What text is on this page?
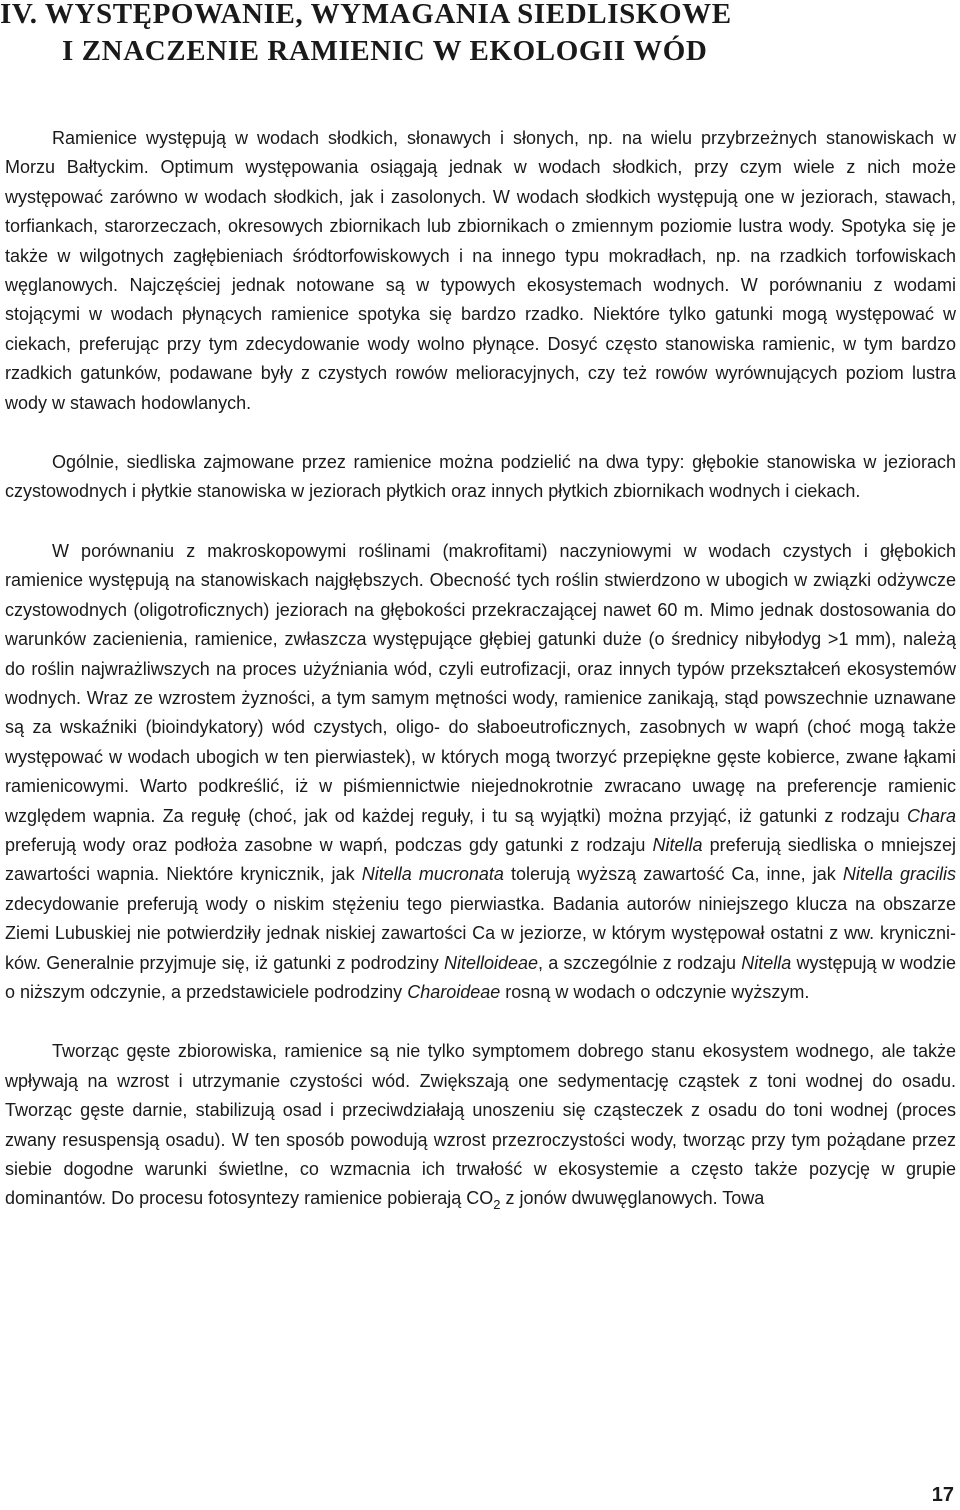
IV. WYSTĘPOWANIE, WYMAGANIA SIEDLISKOWE
I ZNACZENIE RAMIENIC W EKOLOGII WÓD

Ramienice występują w wodach słodkich, słonawych i słonych, np. na wielu przybrzeżnych stanowiskach w Morzu Bałtyckim. Optimum występowania osiągają jednak w wodach słodkich, przy czym wiele z nich może występować zarówno w wodach słodkich, jak i zasolonych. W wodach słodkich występują one w jeziorach, stawach, torfiankach, starorzeczach, okresowych zbiornikach lub zbiornikach o zmiennym poziomie lustra wody. Spotyka się je także w wilgotnych zagłębieniach śródtorfowiskowych i na innego typu mokradłach, np. na rzadkich torfowiskach węglanowych. Najczęściej jednak notowane są w typowych ekosystemach wodnych. W porównaniu z wodami stojącymi w wodach płynących ramienice spotyka się bardzo rzadko. Niektóre tylko gatunki mogą występować w ciekach, preferując przy tym zdecydowanie wody wolno płynące. Dosyć często stanowiska ramienic, w tym bardzo rzadkich gatunków, podawane były z czystych rowów melioracyjnych, czy też rowów wyrównujących poziom lustra wody w stawach hodowlanych.

Ogólnie, siedliska zajmowane przez ramienice można podzielić na dwa typy: głębokie stanowiska w jeziorach czystowodnych i płytkie stanowiska w jeziorach płytkich oraz innych płytkich zbiornikach wodnych i ciekach.

W porównaniu z makroskopowymi roślinami (makrofitami) naczyniowymi w wodach czystych i głębokich ramienice występują na stanowiskach najgłębszych. Obecność tych roślin stwierdzono w ubogich w związki odżywcze czystowodnych (oligotroficznych) jeziorach na głębokości przekraczającej nawet 60 m. Mimo jednak dostosowania do warunków zacienienia, ramienice, zwłaszcza występujące głębiej gatunki duże (o średnicy nibyłodyg >1 mm), należą do roślin najwrażliwszych na proces użyźniania wód, czyli eutrofizacji, oraz innych typów przekształceń ekosystemów wodnych. Wraz ze wzrostem żyzności, a tym samym mętności wody, ramienice zanikają, stąd powszechnie uznawane są za wskaźniki (bioindykatory) wód czystych, oligo- do słaboeutroficznych, zasobnych w wapń (choć mogą także występować w wodach ubogich w ten pierwiastek), w których mogą tworzyć przepiękne gęste kobierce, zwane łąkami ramienicowymi. Warto podkreślić, iż w piśmiennictwie niejednokrotnie zwracano uwagę na preferencje ramienic względem wapnia. Za regułę (choć, jak od każdej reguły, i tu są wyjątki) można przyjąć, iż gatunki z rodzaju Chara preferują wody oraz podłoża zasobne w wapń, podczas gdy gatunki z rodzaju Nitella preferują siedliska o mniejszej zawartości wapnia. Niektóre krynicznik, jak Nitella mucronata tolerują wyższą zawartość Ca, inne, jak Nitella gracilis zdecydowanie preferują wody o niskim stężeniu tego pierwiastka. Badania autorów niniejszego klucza na obszarze Ziemi Lubuskiej nie potwierdziły jednak niskiej zawartości Ca w jeziorze, w którym występował ostatni z ww. kryniczników. Generalnie przyjmuje się, iż gatunki z podrodziny Nitelloideae, a szczególnie z rodzaju Nitella występują w wodzie o niższym odczynie, a przedstawiciele podrodziny Charoideae rosną w wodach o odczynie wyższym.

Tworząc gęste zbiorowiska, ramienice są nie tylko symptomem dobrego stanu ekosystem wodnego, ale także wpływają na wzrost i utrzymanie czystości wód. Zwiększają one sedymentację cząstek z toni wodnej do osadu. Tworząc gęste darnie, stabilizują osad i przeciwdziałają unoszeniu się cząsteczek z osadu do toni wodnej (proces zwany resuspensją osadu). W ten sposób powodują wzrost przezroczystości wody, tworząc przy tym pożądane przez siebie dogodne warunki świetlne, co wzmacnia ich trwałość w ekosystemie a często także pozycję w grupie dominantów. Do procesu fotosyntezy ramienice pobierają $CO_2$ z jonów dwuwęglanowych. Towa

17
